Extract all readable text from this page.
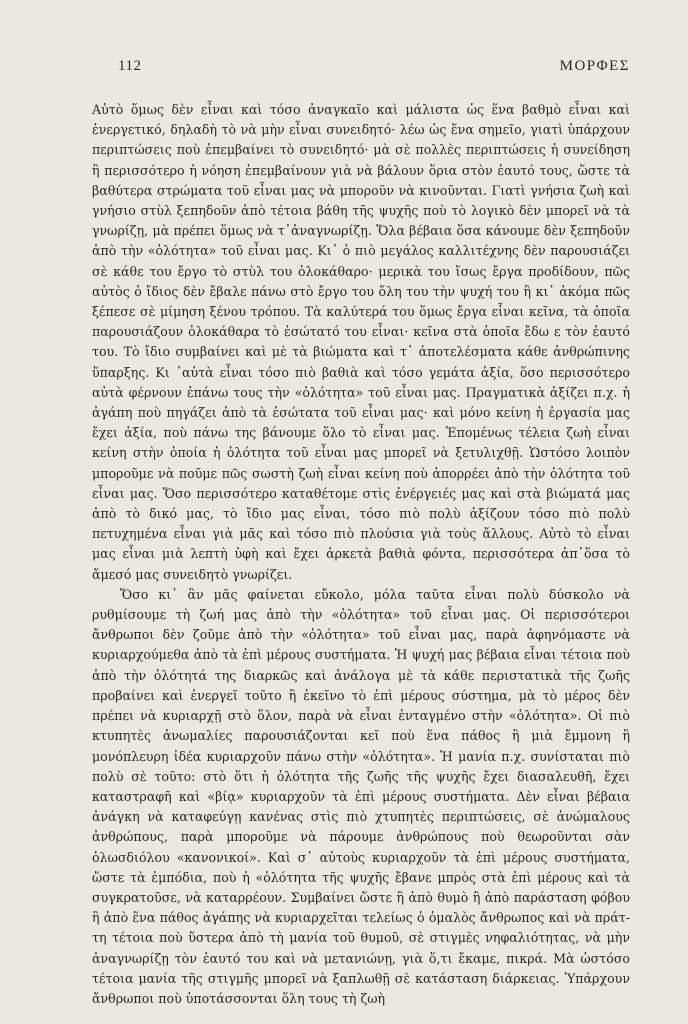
112	ΜΟΡΦΕΣ

Αὐτὸ ὅμως δὲν εἶναι καὶ τόσο ἀναγκαῖο καὶ μάλιστα ὡς ἕνα βαθμὸ εἶναι καὶ ἐνεργετικό, δηλαδὴ τὸ νὰ μὴν εἶναι συνειδητό· λέω ὡς ἕνα σημεῖο, γιατὶ ὑπάρχουν περιπτώσεις ποὺ ἐπεμβαίνει τὸ συνειδητό· μὰ σὲ πολλὲς περιπτώσεις ἡ συνείδηση ἢ περισσότερο ἡ νόηση ἐπεμβαίνουν γιὰ νὰ βάλουν ὅρια στὸν ἑαυτό τους, ὥστε τὰ βαθύτερα στρώματα τοῦ εἶναι μας νὰ μποροῦν νὰ κινοῦνται. Γιατὶ γνήσια ζωὴ καὶ γνήσιο στὺλ ξεπηδοῦν ἀπὸ τέτοια βάθη τῆς ψυχῆς ποὺ τὸ λογικὸ δὲν μπορεῖ νὰ τὰ γνωρίζῃ, μὰ πρέπει ὅμως νὰ τ᾽ἀναγνωρίζῃ. Ὅλα βέβαια ὅσα κάνουμε δὲν ξεπηδοῦν ἀπὸ τὴν «ὁλότητα» τοῦ εἶναι μας. Κι᾽ ὁ πιὸ μεγάλος καλλιτέχνης δὲν παρουσιάζει σὲ κάθε του ἔργο τὸ στὺλ του ὁλοκάθαρο· μερικὰ του ἴσως ἔργα προδίδουν, πῶς αὐτὸς ὁ ἴδιος δὲν ἔβαλε πάνω στὸ ἔργο του ὅλη του τὴν ψυχή του ἢ κι᾽ ἀκόμα πῶς ξέπεσε σὲ μίμηση ξένου τρόπου. Τὰ καλύτερά του ὅμως ἔργα εἶναι κεῖνα, τὰ ὁποῖα παρουσιάζουν ὁλοκάθαρα τὸ ἐσώτατό του εἶναι· κεῖνα στὰ ὁποῖα ἔδω ε τὸν ἑαυτό του. Τὸ ἴδιο συμβαίνει καὶ μὲ τὰ βιώματα καὶ τ᾽ ἀποτελέσματα κάθε ἀνθρώπινης ὕπαρξης. Κι ᾽αὐτὰ εἶναι τόσο πιὸ βαθιὰ καὶ τόσο γεμάτα ἀξία, ὅσο περισσότερο αὐτὰ φέρνουν ἐπάνω τους τὴν «ὁλότητα» τοῦ εἶναι μας. Πραγματικὰ ἀξίζει π.χ. ἡ ἀγάπη ποὺ πηγάζει ἀπὸ τὰ ἐσώτατα τοῦ εἶναι μας· καὶ μόνο κείνη ἡ ἐργασία μας ἔχει ἀξία, ποὺ πάνω της βάνουμε ὅλο τὸ εἶναι μας. Ἑπομένως τέλεια ζωὴ εἶναι κείνη στὴν ὁποία ἡ ὁλότητα τοῦ εἶναι μας μπορεῖ νὰ ξετυλιχθῇ. Ὡστόσο λοιπὸν μποροῦμε νὰ ποῦμε πῶς σωστὴ ζωὴ εἶναι κείνη ποὺ ἀπορρέει ἀπὸ τὴν ὁλότητα τοῦ εἶναι μας. Ὅσο περισσότερο καταθέτομε στὶς ἐνέργειές μας καὶ στὰ βιώματά μας ἀπὸ τὸ δικό μας, τὸ ἴδιο μας εἶναι, τόσο πιὸ πολὺ ἀξίζουν τόσο πιὸ πολὺ πετυχημένα εἶναι γιὰ μᾶς καὶ τόσο πιὸ πλούσια γιὰ τοὺς ἄλλους. Αὐτὸ τὸ εἶναι μας εἶναι μιὰ λεπτὴ ὑφὴ καὶ ἔχει ἀρκετὰ βαθιὰ φόντα, περισσότερα ἀπ᾽ὅσα τὸ ἄμεσό μας συνειδητὸ γνωρίζει.

Ὅσο κι᾽ ἂν μᾶς φαίνεται εὔκολο, μόλα ταῦτα εἶναι πολὺ δύσκολο νὰ ρυθμίσουμε τὴ ζωή μας ἀπὸ τὴν «ὁλότητα» τοῦ εἶναι μας. Οἱ περισσότεροι ἄνθρωποι δὲν ζοῦμε ἀπὸ τὴν «ὁλότητα» τοῦ εἶναι μας, παρὰ ἀφηνόμαστε νὰ κυριαρχούμεθα ἀπὸ τὰ ἐπὶ μέρους συστήματα. Ἡ ψυχή μας βέβαια εἶναι τέτοια ποὺ ἀπὸ τὴν ὁλότητά της διαρκῶς καὶ ἀνάλογα μὲ τὰ κάθε περιστατικὰ τῆς ζωῆς προβαίνει καὶ ἐνεργεῖ τοῦτο ἢ ἐκεῖνο τὸ ἐπὶ μέρους σύστημα, μὰ τὸ μέρος δὲν πρέπει νὰ κυριαρχῇ στὸ ὅλον, παρὰ νὰ εἶναι ἐνταγμένο στὴν «ὁλότητα». Οἱ πιὸ κτυπητὲς ἀνωμαλίες παρουσιάζονται κεῖ ποὺ ἕνα πάθος ἢ μιὰ ἔμμονη ἢ μονόπλευρη ἰδέα κυριαρχοῦν πάνω στὴν «ὁλότητα». Ἡ μανία π.χ. συνίσταται πιὸ πολὺ σὲ τοῦτο: στὸ ὅτι ἡ ὁλότητα τῆς ζωῆς τῆς ψυχῆς ἔχει διασαλευθῆ, ἔχει καταστραφῆ καὶ «βίᾳ» κυριαρχοῦν τὰ ἐπὶ μέρους συστήματα. Δὲν εἶναι βέβαια ἀνάγκη νὰ καταφεύγῃ κανένας στὶς πιὸ χτυπητὲς περιπτώσεις, σὲ ἀνώμαλους ἀνθρώπους, παρὰ μποροῦμε νὰ πάρουμε ἀνθρώπους ποὺ θεωροῦνται σὰν ὁλωσδιόλου «κανονικοί». Καὶ σ᾽ αὐτοὺς κυριαρχοῦν τὰ ἐπὶ μέρους συστήματα, ὥστε τὰ ἐμπόδια, ποὺ ἡ «ὁλότητα τῆς ψυχῆς ἔβανε μπρὸς στὰ ἐπὶ μέρους καὶ τὰ συγκρατοῦσε, νὰ καταρρέουν. Συμβαίνει ὥστε ἢ ἀπὸ θυμὸ ἢ ἀπὸ παράσταση φόβου ἢ ἀπὸ ἕνα πάθος ἀγάπης νὰ κυριαρχεῖται τελείως ὁ ὁμαλὸς ἄνθρωπος καὶ νὰ πράττη τέτοια ποὺ ὕστερα ἀπὸ τὴ μανία τοῦ θυμοῦ, σὲ στιγμὲς νηφαλιότητας, νὰ μὴν ἀναγνωρίζῃ τὸν ἑαυτό του καὶ νὰ μετανιώνῃ, γιὰ ὅ,τι ἔκαμε, πικρά. Μὰ ὡστόσο τέτοια μανία τῆς στιγμῆς μπορεῖ νὰ ξαπλωθῇ σὲ κατάσταση διάρκειας. Ὑπάρχουν ἄνθρωποι ποὺ ὑποτάσσονται ὅλη τους τὴ ζωὴ
